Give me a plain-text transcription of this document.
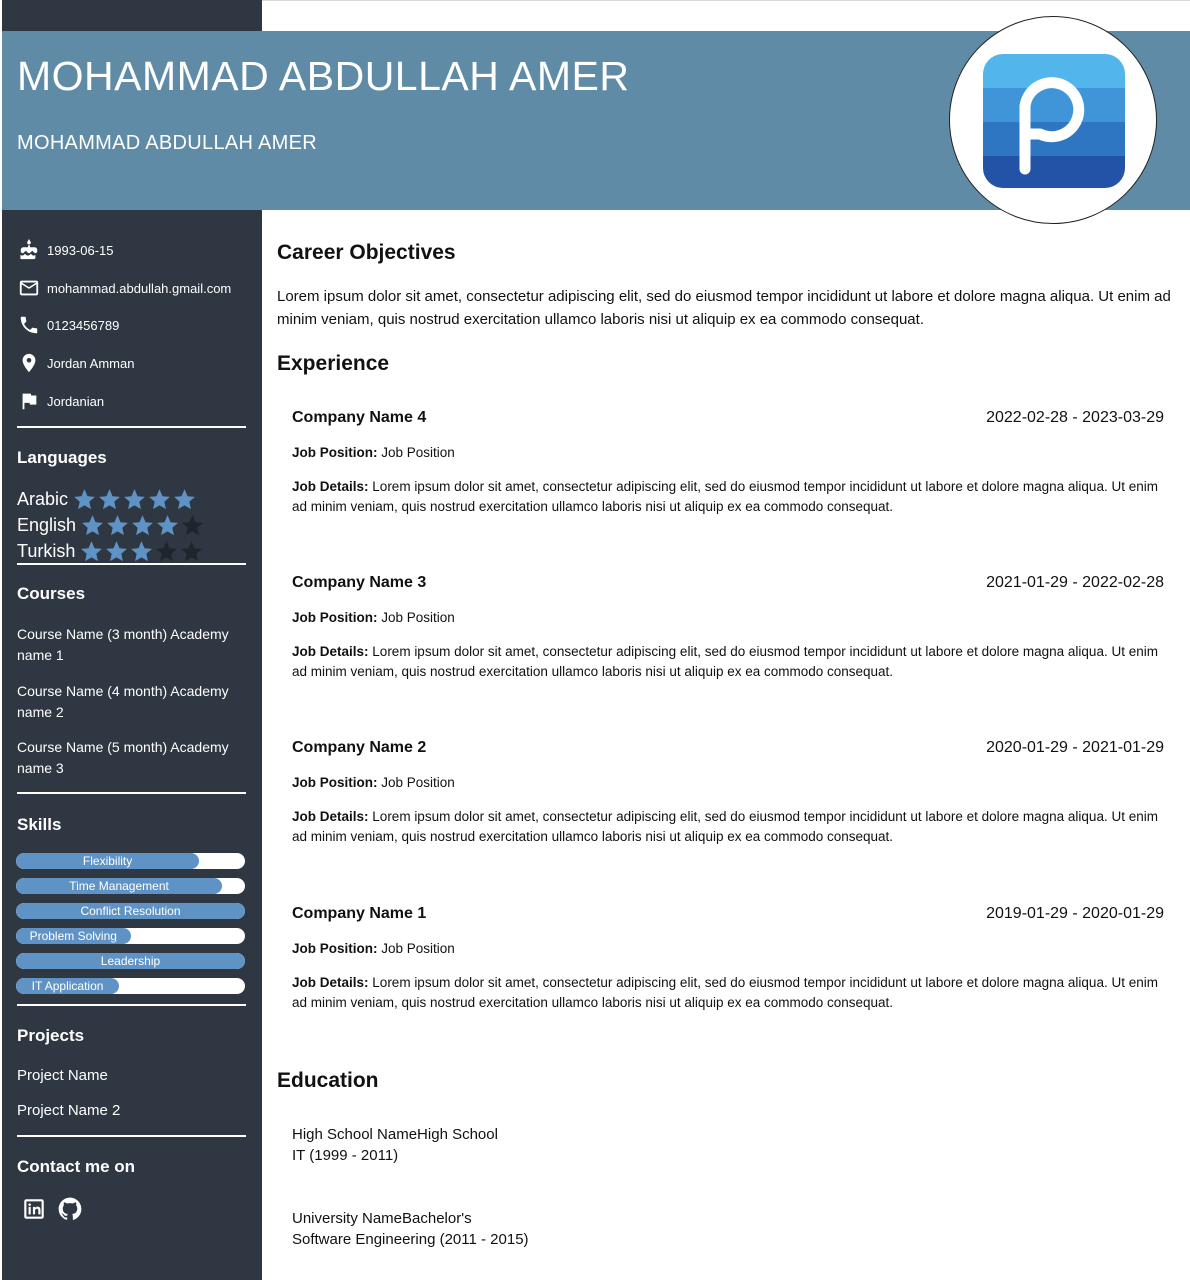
MOHAMMAD ABDULLAH AMER
MOHAMMAD ABDULLAH AMER
1993-06-15
mohammad.abdullah.gmail.com
0123456789
Jordan Amman
Jordanian
Languages
Arabic
English
Turkish
Courses
Course Name (3 month) Academy name 1
Course Name (4 month) Academy name 2
Course Name (5 month) Academy name 3
Skills
Flexibility
Time Management
Conflict Resolution
Problem Solving
Leadership
IT Application
Projects
Project Name
Project Name 2
Contact me on
Career Objectives
Lorem ipsum dolor sit amet, consectetur adipiscing elit, sed do eiusmod tempor incididunt ut labore et dolore magna aliqua. Ut enim ad minim veniam, quis nostrud exercitation ullamco laboris nisi ut aliquip ex ea commodo consequat.
Experience
Company Name 4	2022-02-28 - 2023-03-29
Job Position: Job Position
Job Details: Lorem ipsum dolor sit amet, consectetur adipiscing elit, sed do eiusmod tempor incididunt ut labore et dolore magna aliqua. Ut enim ad minim veniam, quis nostrud exercitation ullamco laboris nisi ut aliquip ex ea commodo consequat.
Company Name 3	2021-01-29 - 2022-02-28
Job Position: Job Position
Job Details: Lorem ipsum dolor sit amet, consectetur adipiscing elit, sed do eiusmod tempor incididunt ut labore et dolore magna aliqua. Ut enim ad minim veniam, quis nostrud exercitation ullamco laboris nisi ut aliquip ex ea commodo consequat.
Company Name 2	2020-01-29 - 2021-01-29
Job Position: Job Position
Job Details: Lorem ipsum dolor sit amet, consectetur adipiscing elit, sed do eiusmod tempor incididunt ut labore et dolore magna aliqua. Ut enim ad minim veniam, quis nostrud exercitation ullamco laboris nisi ut aliquip ex ea commodo consequat.
Company Name 1	2019-01-29 - 2020-01-29
Job Position: Job Position
Job Details: Lorem ipsum dolor sit amet, consectetur adipiscing elit, sed do eiusmod tempor incididunt ut labore et dolore magna aliqua. Ut enim ad minim veniam, quis nostrud exercitation ullamco laboris nisi ut aliquip ex ea commodo consequat.
Education
High School NameHigh School
IT (1999 - 2011)
University NameBachelor's
Software Engineering (2011 - 2015)
